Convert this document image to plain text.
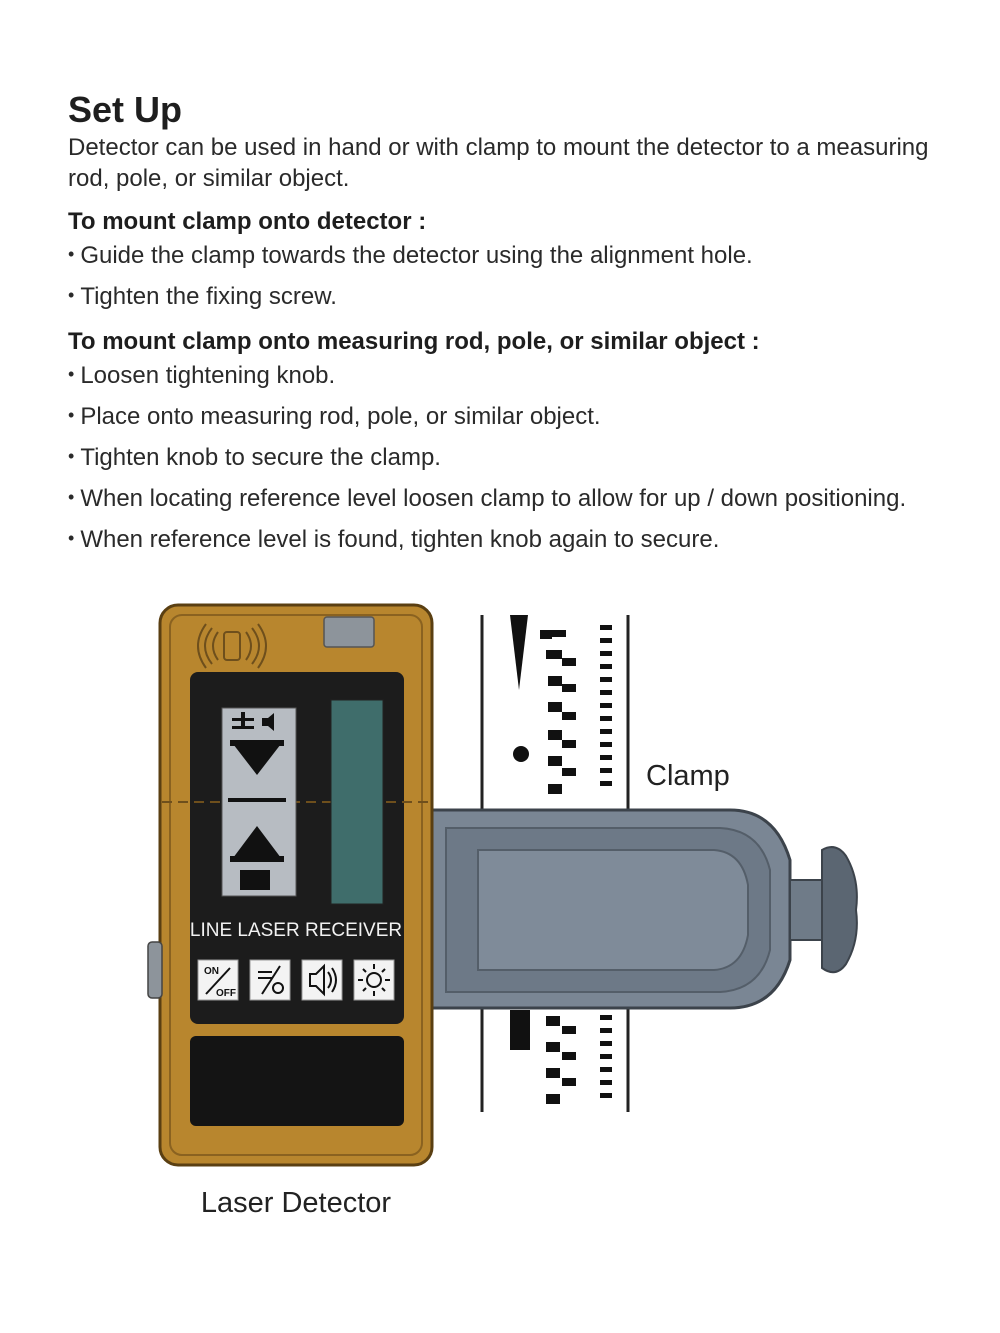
Set Up

Detector can be used in hand or with clamp to mount the detector to a measuring rod, pole, or similar object.

To mount clamp onto detector :

• Guide the clamp towards the detector using the alignment hole.

• Tighten the fixing screw.

To mount clamp onto measuring rod, pole, or similar object :

• Loosen tightening knob.

• Place onto measuring rod, pole, or similar object.

• Tighten knob to secure the clamp.

• When locating reference level loosen clamp to allow for up / down positioning.

• When reference level is found, tighten knob again to secure.

LINE LASER RECEIVER
ON
OFF
Clamp
Laser Detector
